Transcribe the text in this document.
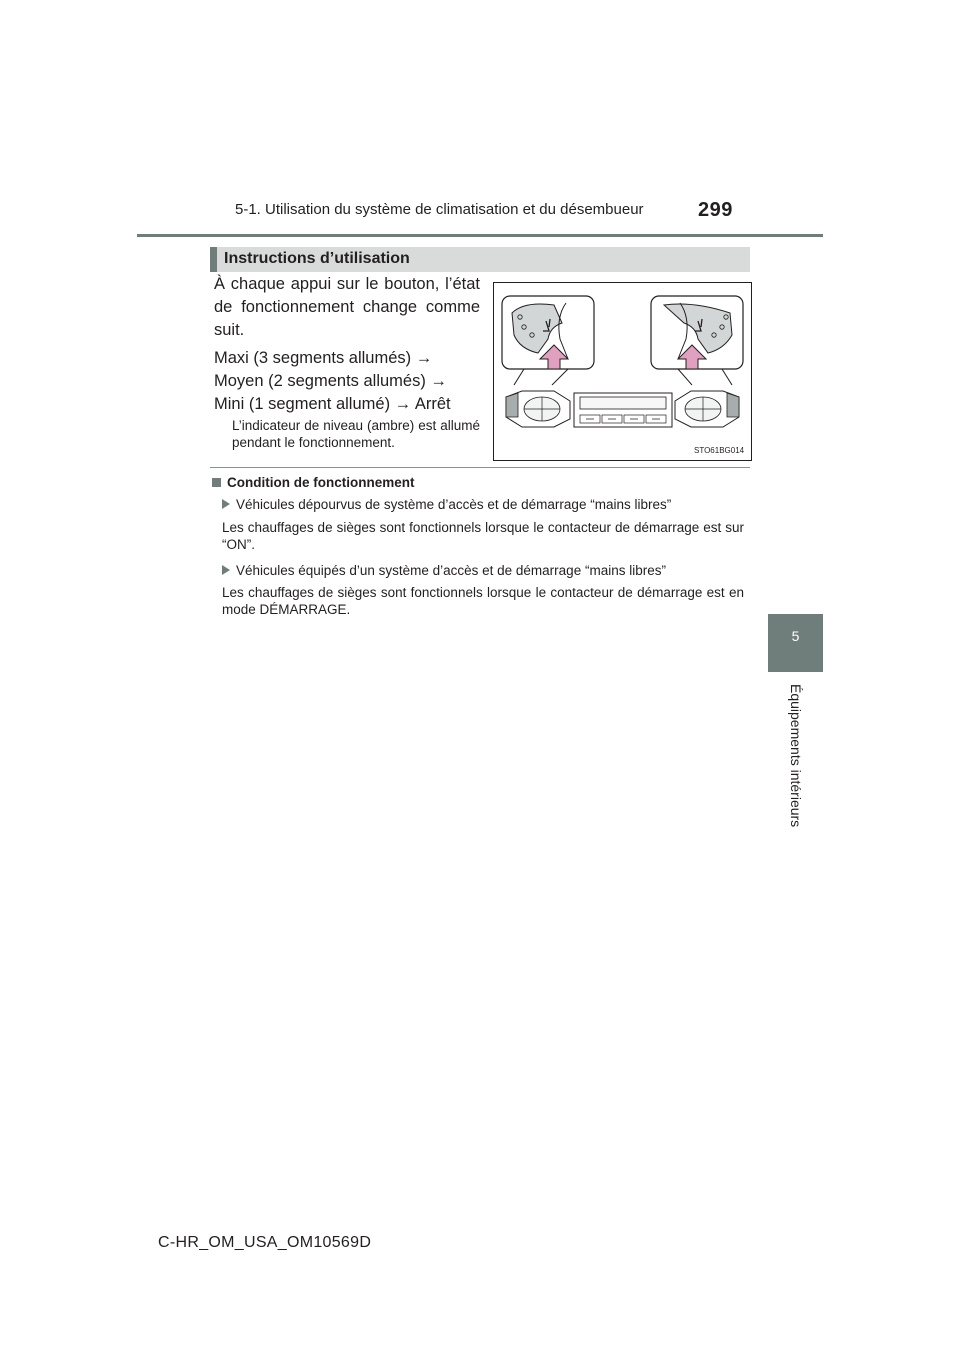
5-1. Utilisation du système de climatisation et du désembueur	299
5
Équipements intérieurs
Instructions d’utilisation
À chaque appui sur le bouton, l’état de fonctionnement change comme suit.
Maxi (3 segments allumés) →
Moyen (2 segments allumés) →
Mini (1 segment allumé) → Arrêt
L’indicateur de niveau (ambre) est allumé pendant le fonctionnement.
STO61BG014
Condition de fonctionnement
Véhicules dépourvus de système d’accès et de démarrage “mains libres”
Les chauffages de sièges sont fonctionnels lorsque le contacteur de démarrage est sur “ON”.
Véhicules équipés d’un système d’accès et de démarrage “mains libres”
Les chauffages de sièges sont fonctionnels lorsque le contacteur de démarrage est en mode DÉMARRAGE.
C-HR_OM_USA_OM10569D
